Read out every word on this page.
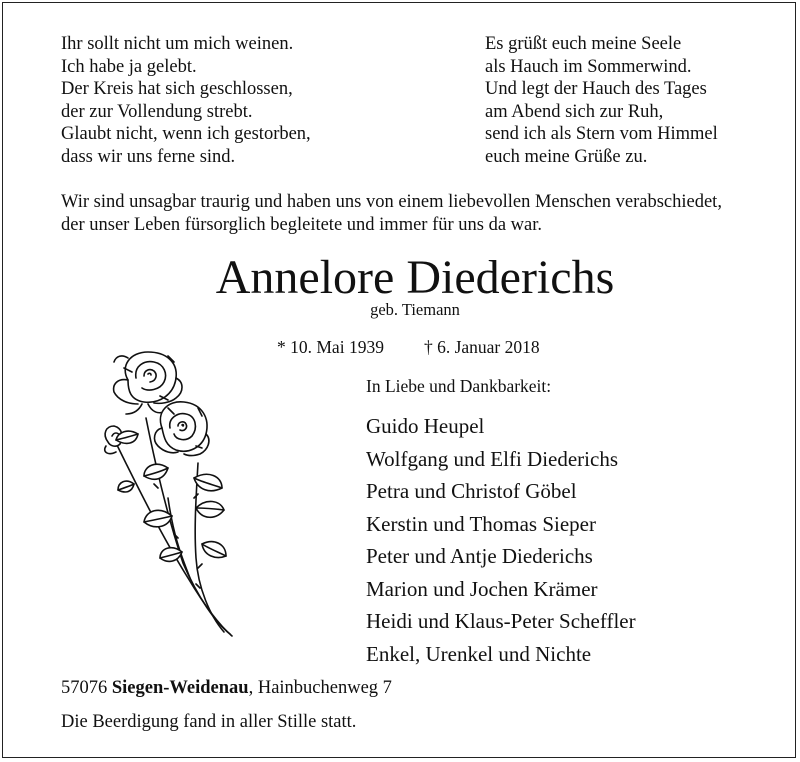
Ihr sollt nicht um mich weinen.
Ich habe ja gelebt.
Der Kreis hat sich geschlossen,
der zur Vollendung strebt.
Glaubt nicht, wenn ich gestorben,
dass wir uns ferne sind.
Es grüßt euch meine Seele
als Hauch im Sommerwind.
Und legt der Hauch des Tages
am Abend sich zur Ruh,
send ich als Stern vom Himmel
euch meine Grüße zu.
Wir sind unsagbar traurig und haben uns von einem liebevollen Menschen verabschiedet,
der unser Leben fürsorglich begleitete und immer für uns da war.
Annelore Diederichs
geb. Tiemann
* 10. Mai 1939 † 6. Januar 2018
In Liebe und Dankbarkeit:
Guido Heupel
Wolfgang und Elfi Diederichs
Petra und Christof Göbel
Kerstin und Thomas Sieper
Peter und Antje Diederichs
Marion und Jochen Krämer
Heidi und Klaus-Peter Scheffler
Enkel, Urenkel und Nichte
57076 Siegen-Weidenau, Hainbuchenweg 7
Die Beerdigung fand in aller Stille statt.
